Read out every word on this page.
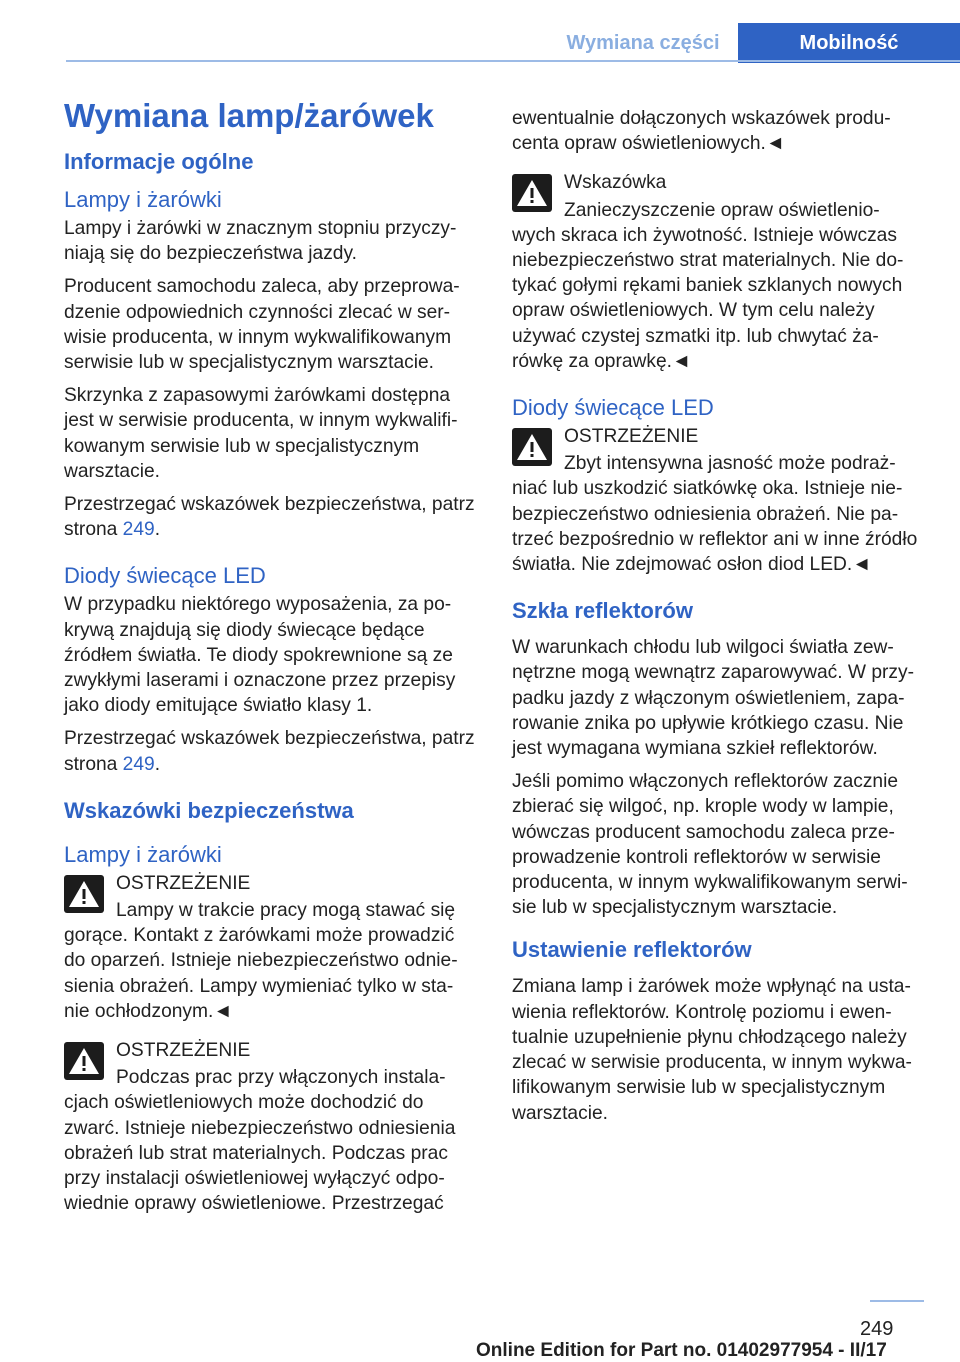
Wymiana części	Mobilność
Wymiana lamp/żarówek
Informacje ogólne
Lampy i żarówki

Lampy i żarówki w znacznym stopniu przyczy‐ niają się do bezpieczeństwa jazdy.

Producent samochodu zaleca, aby przeprowa‐ dzenie odpowiednich czynności zlecać w ser‐ wisie producenta, w innym wykwalifikowanym serwisie lub w specjalistycznym warsztacie.

Skrzynka z zapasowymi żarówkami dostępna jest w serwisie producenta, w innym wykwalifi‐ kowanym serwisie lub w specjalistycznym warsztacie.

Przestrzegać wskazówek bezpieczeństwa, patrz strona 249.

Diody świecące LED

W przypadku niektórego wyposażenia, za po‐ krywą znajdują się diody świecące będące źródłem światła. Te diody spokrewnione są ze zwykłymi laserami i oznaczone przez przepisy jako diody emitujące światło klasy 1.

Przestrzegać wskazówek bezpieczeństwa, patrz strona 249.

Wskazówki bezpieczeństwa
Lampy i żarówki
OSTRZEŻENIE
Lampy w trakcie pracy mogą stawać się gorące. Kontakt z żarówkami może prowadzić do oparzeń. Istnieje niebezpieczeństwo odnie‐ sienia obrażeń. Lampy wymieniać tylko w sta‐ nie ochłodzonym.◄
OSTRZEŻENIE
Podczas prac przy włączonych instala‐ cjach oświetleniowych może dochodzić do zwarć. Istnieje niebezpieczeństwo odniesienia obrażeń lub strat materialnych. Podczas prac przy instalacji oświetleniowej wyłączyć odpo‐ wiednie oprawy oświetleniowe. Przestrzegać

ewentualnie dołączonych wskazówek produ‐ centa opraw oświetleniowych.◄

Wskazówka
Zanieczyszczenie opraw oświetlenio‐ wych skraca ich żywotność. Istnieje wówczas niebezpieczeństwo strat materialnych. Nie do‐ tykać gołymi rękami baniek szklanych nowych opraw oświetleniowych. W tym celu należy używać czystej szmatki itp. lub chwytać ża‐ rówkę za oprawkę.◄
Diody świecące LED
OSTRZEŻENIE
Zbyt intensywna jasność może podraż‐ niać lub uszkodzić siatkówkę oka. Istnieje nie‐ bezpieczeństwo odniesienia obrażeń. Nie pa‐ trzeć bezpośrednio w reflektor ani w inne źródło światła. Nie zdejmować osłon diod LED.◄
Szkła reflektorów

W warunkach chłodu lub wilgoci światła zew‐ nętrzne mogą wewnątrz zaparowywać. W przy‐ padku jazdy z włączonym oświetleniem, zapa‐ rowanie znika po upływie krótkiego czasu. Nie jest wymagana wymiana szkieł reflektorów.

Jeśli pomimo włączonych reflektorów zacznie zbierać się wilgoć, np. krople wody w lampie, wówczas producent samochodu zaleca prze‐ prowadzenie kontroli reflektorów w serwisie producenta, w innym wykwalifikowanym serwi‐ sie lub w specjalistycznym warsztacie.

Ustawienie reflektorów

Zmiana lamp i żarówek może wpłynąć na usta‐ wienia reflektorów. Kontrolę poziomu i ewen‐ tualnie uzupełnienie płynu chłodzącego należy zlecać w serwisie producenta, w innym wykwa‐ lifikowanym serwisie lub w specjalistycznym warsztacie.

249
Online Edition for Part no. 01402977954 - II/17
